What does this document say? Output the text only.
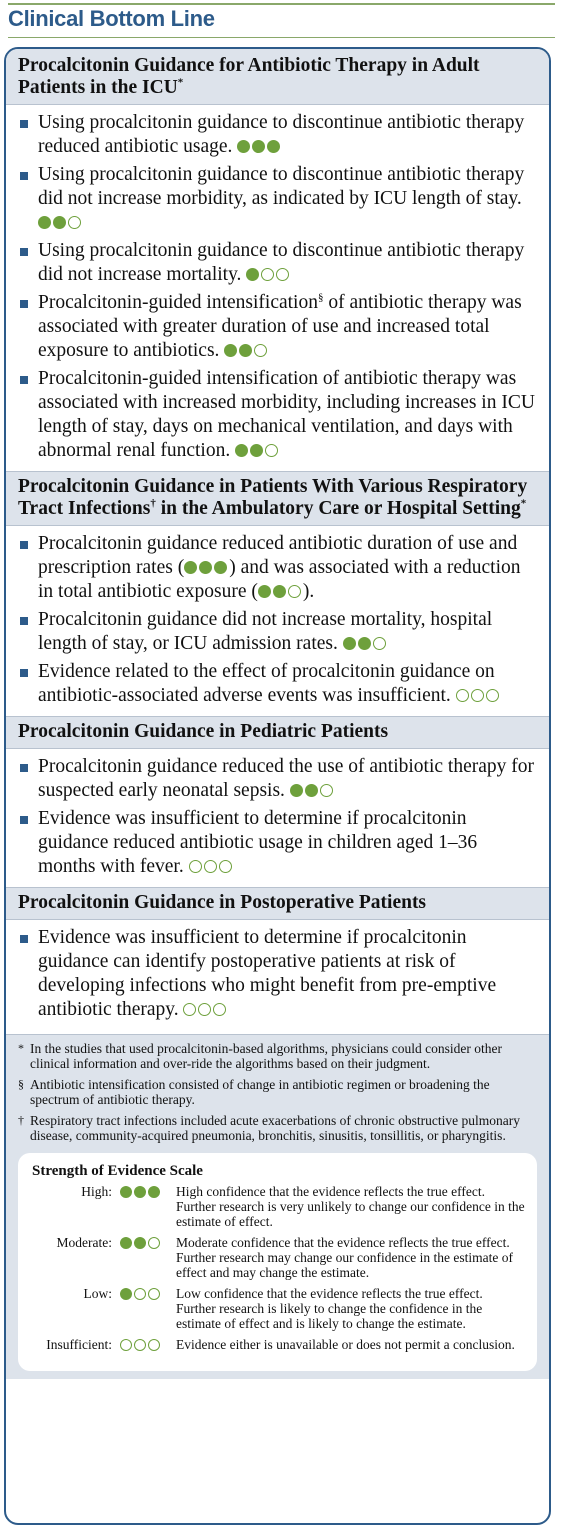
Clinical Bottom Line
Procalcitonin Guidance for Antibiotic Therapy in Adult Patients in the ICU*
Using procalcitonin guidance to discontinue antibiotic therapy reduced antibiotic usage.
Using procalcitonin guidance to discontinue antibiotic therapy did not increase morbidity, as indicated by ICU length of stay.
Using procalcitonin guidance to discontinue antibiotic therapy did not increase mortality.
Procalcitonin-guided intensification§ of antibiotic therapy was associated with greater duration of use and increased total exposure to antibiotics.
Procalcitonin-guided intensification of antibiotic therapy was associated with increased morbidity, including increases in ICU length of stay, days on mechanical ventilation, and days with abnormal renal function.
Procalcitonin Guidance in Patients With Various Respiratory Tract Infections† in the Ambulatory Care or Hospital Setting*
Procalcitonin guidance reduced antibiotic duration of use and prescription rates ( ) and was associated with a reduction in total antibiotic exposure ( ).
Procalcitonin guidance did not increase mortality, hospital length of stay, or ICU admission rates.
Evidence related to the effect of procalcitonin guidance on antibiotic-associated adverse events was insufficient.
Procalcitonin Guidance in Pediatric Patients
Procalcitonin guidance reduced the use of antibiotic therapy for suspected early neonatal sepsis.
Evidence was insufficient to determine if procalcitonin guidance reduced antibiotic usage in children aged 1–36 months with fever.
Procalcitonin Guidance in Postoperative Patients
Evidence was insufficient to determine if procalcitonin guidance can identify postoperative patients at risk of developing infections who might benefit from pre-emptive antibiotic therapy.
* In the studies that used procalcitonin-based algorithms, physicians could consider other clinical information and over-ride the algorithms based on their judgment.
§ Antibiotic intensification consisted of change in antibiotic regimen or broadening the spectrum of antibiotic therapy.
† Respiratory tract infections included acute exacerbations of chronic obstructive pulmonary disease, community-acquired pneumonia, bronchitis, sinusitis, tonsillitis, or pharyngitis.
Strength of Evidence Scale
High:	High confidence that the evidence reflects the true effect. Further research is very unlikely to change our confidence in the estimate of effect.
Moderate:	Moderate confidence that the evidence reflects the true effect. Further research may change our confidence in the estimate of effect and may change the estimate.
Low:	Low confidence that the evidence reflects the true effect. Further research is likely to change the confidence in the estimate of effect and is likely to change the estimate.
Insufficient:	Evidence either is unavailable or does not permit a conclusion.
